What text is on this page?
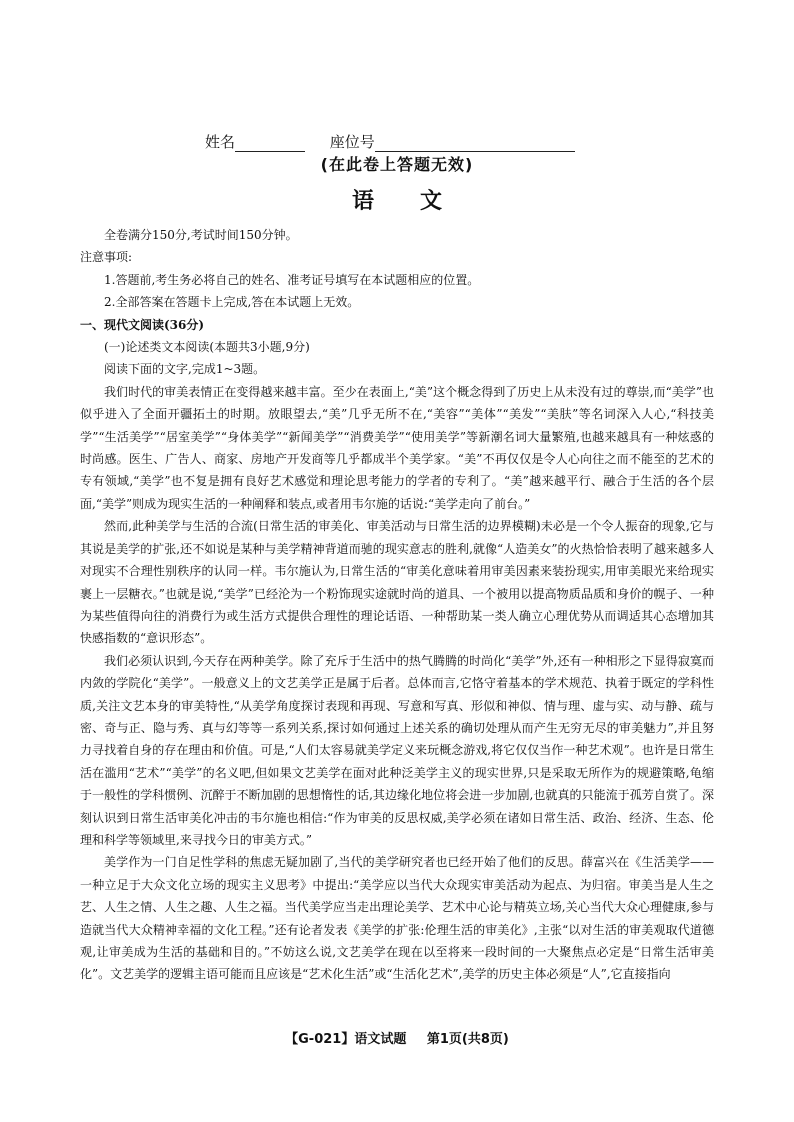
姓名	座位号
(在此卷上答题无效)
语文

全卷满分150分,考试时间150分钟。

注意事项:

1.答题前,考生务必将自己的姓名、准考证号填写在本试题相应的位置。

2.全部答案在答题卡上完成,答在本试题上无效。

一、现代文阅读(36分)

(一)论述类文本阅读(本题共3小题,9分)

阅读下面的文字,完成1~3题。

我们时代的审美表情正在变得越来越丰富。至少在表面上,“美”这个概念得到了历史上从未没有过的尊崇,而“美学”也似乎进入了全面开疆拓土的时期。放眼望去,“美”几乎无所不在,“美容”“美体”“美发”“美肤”等名词深入人心,“科技美学”“生活美学”“居室美学”“身体美学”“新闻美学”“消费美学”“使用美学”等新潮名词大量繁殖,也越来越具有一种炫惑的时尚感。医生、广告人、商家、房地产开发商等几乎都成半个美学家。“美”不再仅仅是令人心向往之而不能至的艺术的专有领域,“美学”也不复是拥有良好艺术感觉和理论思考能力的学者的专利了。“美”越来越平行、融合于生活的各个层面,“美学”则成为现实生活的一种阐释和装点,或者用韦尔施的话说:“美学走向了前台。”

然而,此种美学与生活的合流(日常生活的审美化、审美活动与日常生活的边界模糊)未必是一个令人振奋的现象,它与其说是美学的扩张,还不如说是某种与美学精神背道而驰的现实意志的胜利,就像“人造美女”的火热恰恰表明了越来越多人对现实不合理性别秩序的认同一样。韦尔施认为,日常生活的“审美化意味着用审美因素来装扮现实,用审美眼光来给现实裹上一层糖衣。”也就是说,“美学”已经沦为一个粉饰现实途就时尚的道具、一个被用以提高物质品质和身价的幌子、一种为某些值得向往的消费行为或生活方式提供合理性的理论话语、一种帮助某一类人确立心理优势从而调适其心态增加其快感指数的“意识形态”。

我们必须认识到,今天存在两种美学。除了充斥于生活中的热气腾腾的时尚化“美学”外,还有一种相形之下显得寂寞而内敛的学院化“美学”。一般意义上的文艺美学正是属于后者。总体而言,它恪守着基本的学术规范、执着于既定的学科性质,关注文艺本身的审美特性,“从美学角度探讨表现和再现、写意和写真、形似和神似、情与理、虚与实、动与静、疏与密、奇与正、隐与秀、真与幻等等一系列关系,探讨如何通过上述关系的确切处理从而产生无穷无尽的审美魅力”,并且努力寻找着自身的存在理由和价值。可是,“人们太容易就美学定义来玩概念游戏,将它仅仅当作一种艺术观”。也许是日常生活在滥用“艺术”“美学”的名义吧,但如果文艺美学在面对此种泛美学主义的现实世界,只是采取无所作为的规避策略,龟缩于一般性的学科惯例、沉醉于不断加剧的思想惰性的话,其边缘化地位将会进一步加剧,也就真的只能流于孤芳自赏了。深刻认识到日常生活审美化冲击的韦尔施也相信:“作为审美的反思权威,美学必须在诸如日常生活、政治、经济、生态、伦理和科学等领域里,来寻找今日的审美方式。”

美学作为一门自足性学科的焦虑无疑加剧了,当代的美学研究者也已经开始了他们的反思。薛富兴在《生活美学——一种立足于大众文化立场的现实主义思考》中提出:“美学应以当代大众现实审美活动为起点、为归宿。审美当是人生之艺、人生之情、人生之趣、人生之福。当代美学应当走出理论美学、艺术中心论与精英立场,关心当代大众心理健康,参与造就当代大众精神幸福的文化工程。”还有论者发表《美学的扩张:伦理生活的审美化》,主张“以对生活的审美观取代道德观,让审美成为生活的基础和目的。”不妨这么说,文艺美学在现在以至将来一段时间的一大聚焦点必定是“日常生活审美化”。文艺美学的逻辑主语可能而且应该是“艺术化生活”或“生活化艺术”,美学的历史主体必须是“人”,它直接指向

【G-021】语文试题 第1页(共8页)
